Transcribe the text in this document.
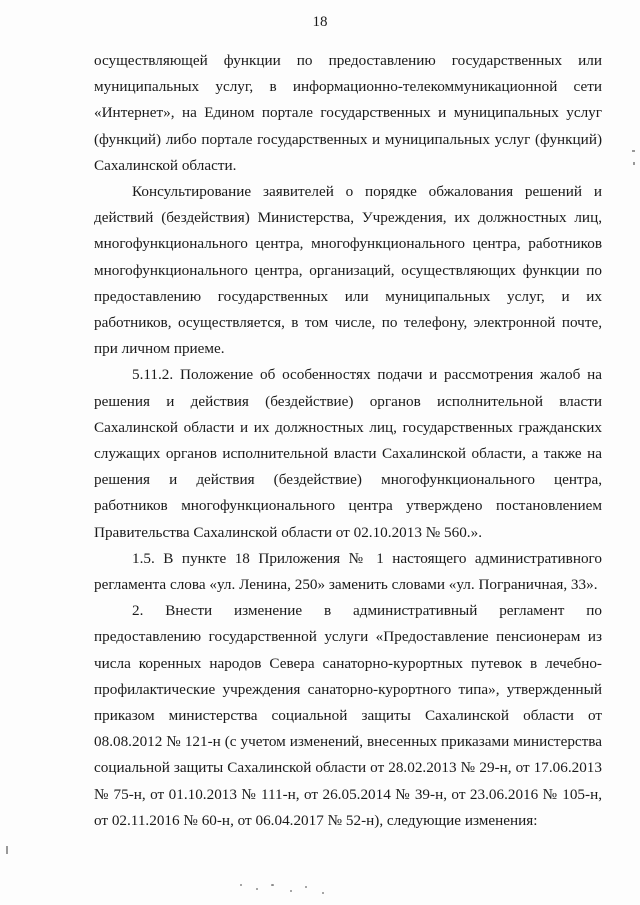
18

осуществляющей функции по предоставлению государственных или муниципальных услуг, в информационно-телекоммуникационной сети «Интернет», на Едином портале государственных и муниципальных услуг (функций) либо портале государственных и муниципальных услуг (функций) Сахалинской области.

Консультирование заявителей о порядке обжалования решений и действий (бездействия) Министерства, Учреждения, их должностных лиц, многофункционального центра, многофункционального центра, работников многофункционального центра, организаций, осуществляющих функции по предоставлению государственных или муниципальных услуг, и их работников, осуществляется, в том числе, по телефону, электронной почте, при личном приеме.

5.11.2. Положение об особенностях подачи и рассмотрения жалоб на решения и действия (бездействие) органов исполнительной власти Сахалинской области и их должностных лиц, государственных гражданских служащих органов исполнительной власти Сахалинской области, а также на решения и действия (бездействие) многофункционального центра, работников многофункционального центра утверждено постановлением Правительства Сахалинской области от 02.10.2013 № 560.».

1.5. В пункте 18 Приложения № 1 настоящего административного регламента слова «ул. Ленина, 250» заменить словами «ул. Пограничная, 33».

2. Внести изменение в административный регламент по предоставлению государственной услуги «Предоставление пенсионерам из числа коренных народов Севера санаторно-курортных путевок в лечебно-профилактические учреждения санаторно-курортного типа», утвержденный приказом министерства социальной защиты Сахалинской области от 08.08.2012 № 121-н (с учетом изменений, внесенных приказами министерства социальной защиты Сахалинской области от 28.02.2013 № 29-н, от 17.06.2013 № 75-н, от 01.10.2013 № 111-н, от 26.05.2014 № 39-н, от 23.06.2016 № 105-н, от 02.11.2016 № 60-н, от 06.04.2017 № 52-н), следующие изменения:
